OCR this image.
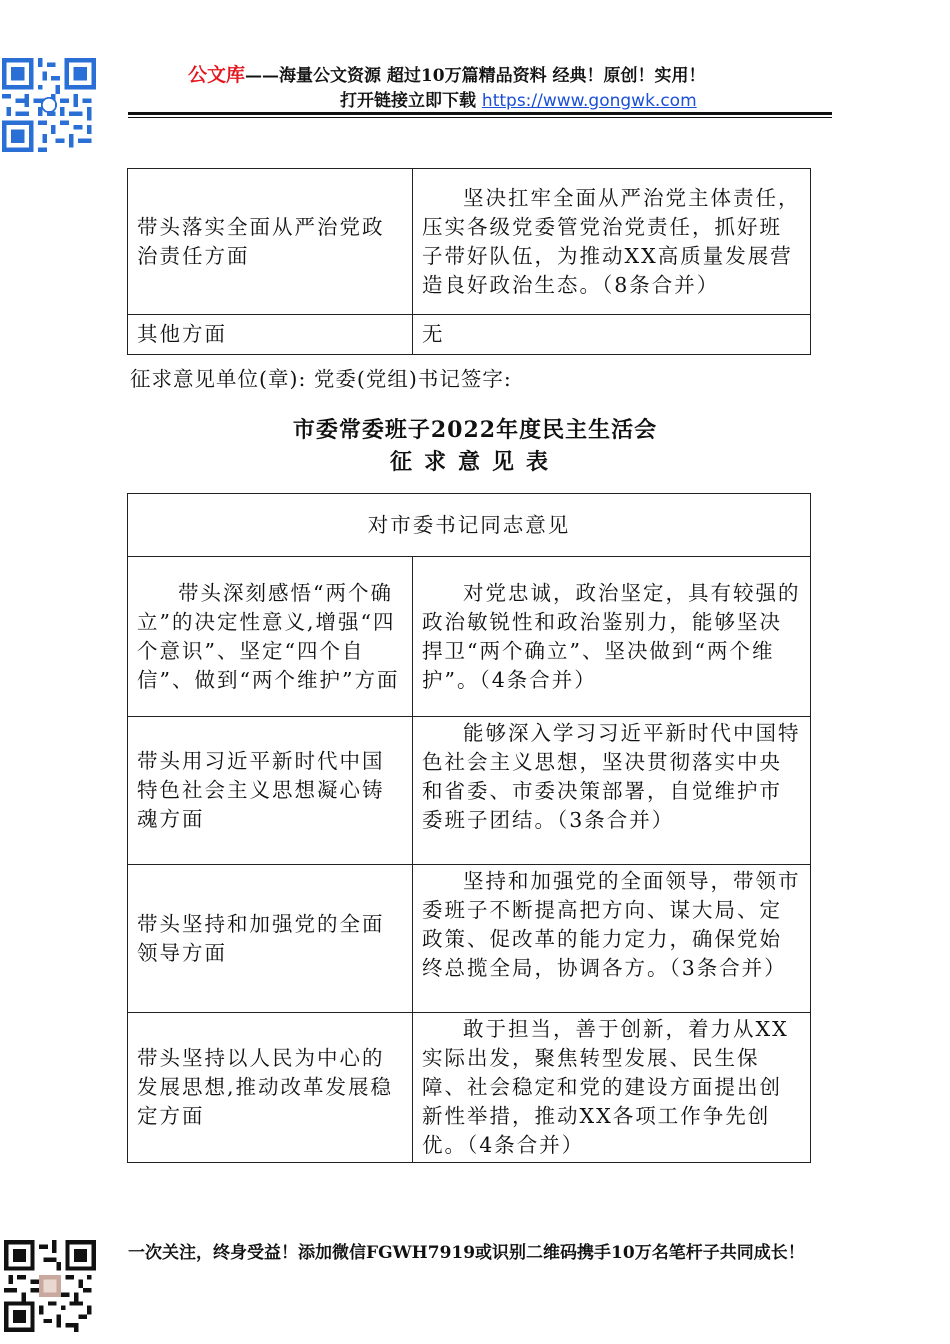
公文库——海量公文资源 超过10万篇精品资料 经典！原创！实用！
打开链接立即下载 https://www.gongwk.com
带头落实全面从严治党政治责任方面	坚决扛牢全面从严治党主体责任，压实各级党委管党治党责任，抓好班子带好队伍，为推动XX高质量发展营造良好政治生态。（8条合并）
其他方面	无
征求意见单位(章): 党委(党组)书记签字:
市委常委班子2022年度民主生活会
征求意见表
对市委书记同志意见	
带头深刻感悟“两个确立”的决定性意义,增强“四个意识”、坚定“四个自信”、做到“两个维护”方面	对党忠诚，政治坚定，具有较强的政治敏锐性和政治鉴别力，能够坚决捍卫“两个确立”、坚决做到“两个维护”。（4条合并）
带头用习近平新时代中国特色社会主义思想凝心铸魂方面	能够深入学习习近平新时代中国特色社会主义思想，坚决贯彻落实中央和省委、市委决策部署，自觉维护市委班子团结。（3条合并）
带头坚持和加强党的全面领导方面	坚持和加强党的全面领导，带领市委班子不断提高把方向、谋大局、定政策、促改革的能力定力，确保党始终总揽全局，协调各方。（3条合并）
带头坚持以人民为中心的发展思想,推动改革发展稳定方面	敢于担当，善于创新，着力从XX实际出发，聚焦转型发展、民生保障、社会稳定和党的建设方面提出创新性举措，推动XX各项工作争先创优。（4条合并）
一次关注，终身受益！添加微信FGWH7919或识别二维码携手10万名笔杆子共同成长！
